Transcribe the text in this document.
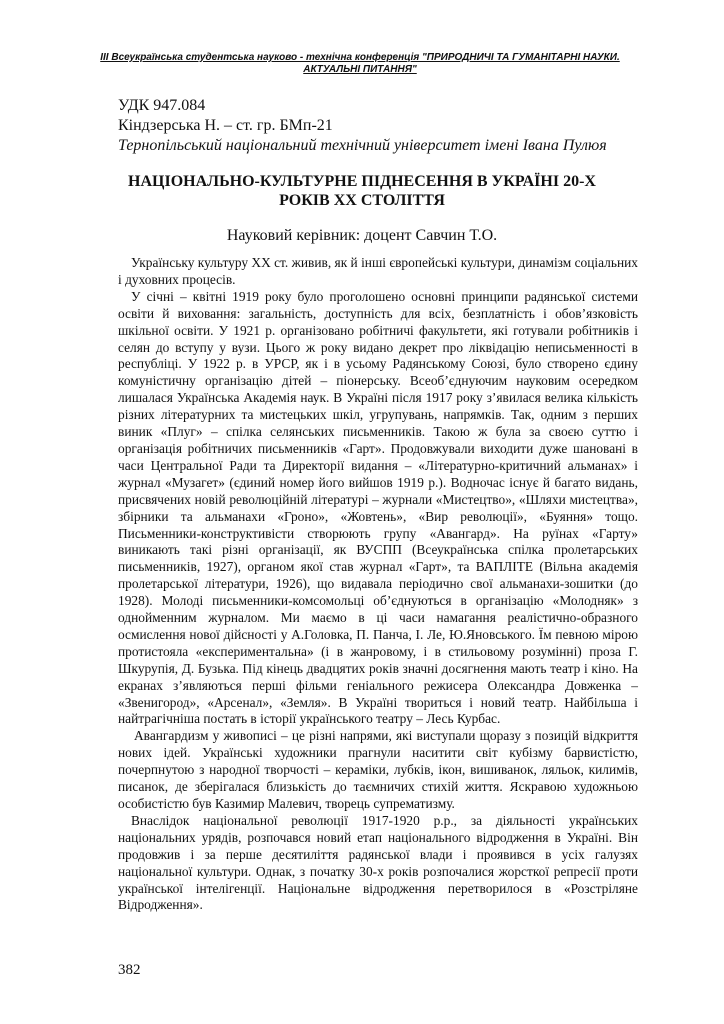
III Всеукраїнська студентська науково - технічна конференція "ПРИРОДНИЧІ ТА ГУМАНІТАРНІ НАУКИ.
АКТУАЛЬНІ ПИТАННЯ"
УДК 947.084
Кіндзерська Н. – ст. гр. БМп-21
Тернопільський національний технічний університет імені Івана Пулюя
НАЦІОНАЛЬНО-КУЛЬТУРНЕ ПІДНЕСЕННЯ В УКРАЇНІ 20-Х
РОКІВ ХХ СТОЛІТТЯ
Науковий керівник: доцент Савчин Т.О.

Українську культуру XX ст. живив, як й інші європейські культури, динамізм соціальних і духовних процесів.

У січні – квітні 1919 року було проголошено основні принципи радянської системи освіти й виховання: загальність, доступність для всіх, безплатність і обов’язковість шкільної освіти. У 1921 р. організовано робітничі факультети, які готували робітників і селян до вступу у вузи. Цього ж року видано декрет про ліквідацію неписьменності в республіці. У 1922 р. в УРСР, як і в усьому Радянському Союзі, було створено єдину комуністичну організацію дітей – піонерську. Всеоб’єднуючим науковим осередком лишалася Українська Академія наук. В Україні після 1917 року з’явилася велика кількість різних літературних та мистецьких шкіл, угрупувань, напрямків. Так, одним з перших виник «Плуг» – спілка селянських письменників. Такою ж була за своєю суттю і організація робітничих письменників «Гарт». Продовжували виходити дуже шановані в часи Центральної Ради та Директорії видання – «Літературно-критичний альманах» і журнал «Музагет» (єдиний номер його вийшов 1919 р.). Водночас існує й багато видань, присвячених новій революційній літературі – журнали «Мистецтво», «Шляхи мистецтва», збірники та альманахи «Гроно», «Жовтень», «Вир революції», «Буяння» тощо. Письменники-конструктивісти створюють групу «Авангард». На руїнах «Гарту» виникають такі різні організації, як ВУСПП (Всеукраїнська спілка пролетарських письменників, 1927), органом якої став журнал «Гарт», та ВАПЛІТЕ (Вільна академія пролетарської літератури, 1926), що видавала періодично свої альманахи-зошитки (до 1928). Молоді письменники-комсомольці об’єднуються в організацію «Молодняк» з однойменним журналом. Ми маємо в ці часи намагання реалістично-образного осмислення нової дійсності у А.Головка, П. Панча, І. Ле, Ю.Яновського. Їм певною мірою протистояла «експериментальна» (і в жанровому, і в стильовому розумінні) проза Г. Шкурупія, Д. Бузька. Під кінець двадцятих років значні досягнення мають театр і кіно. На екранах з’являються перші фільми геніального режисера Олександра Довженка – «Звенигород», «Арсенал», «Земля». В Україні твориться і новий театр. Найбільша і найтрагічніша постать в історії українського театру – Лесь Курбас.

Авангардизм у живописі – це різні напрями, які виступали щоразу з позицій відкриття нових ідей. Українські художники прагнули наситити світ кубізму барвистістю, почерпнутою з народної творчості – кераміки, лубків, ікон, вишиванок, ляльок, килимів, писанок, де зберігалася близькість до таємничих стихій життя. Яскравою художньою особистістю був Казимир Малевич, творець супрематизму.

Внаслідок національної революції 1917-1920 р.р., за діяльності українських національних урядів, розпочався новий етап національного відродження в Україні. Він продовжив і за перше десятиліття радянської влади і проявився в усіх галузях національної культури. Однак, з початку 30-х років розпочалися жорсткої репресії проти української інтелігенції. Національне відродження перетворилося в «Розстріляне Відродження».

382
